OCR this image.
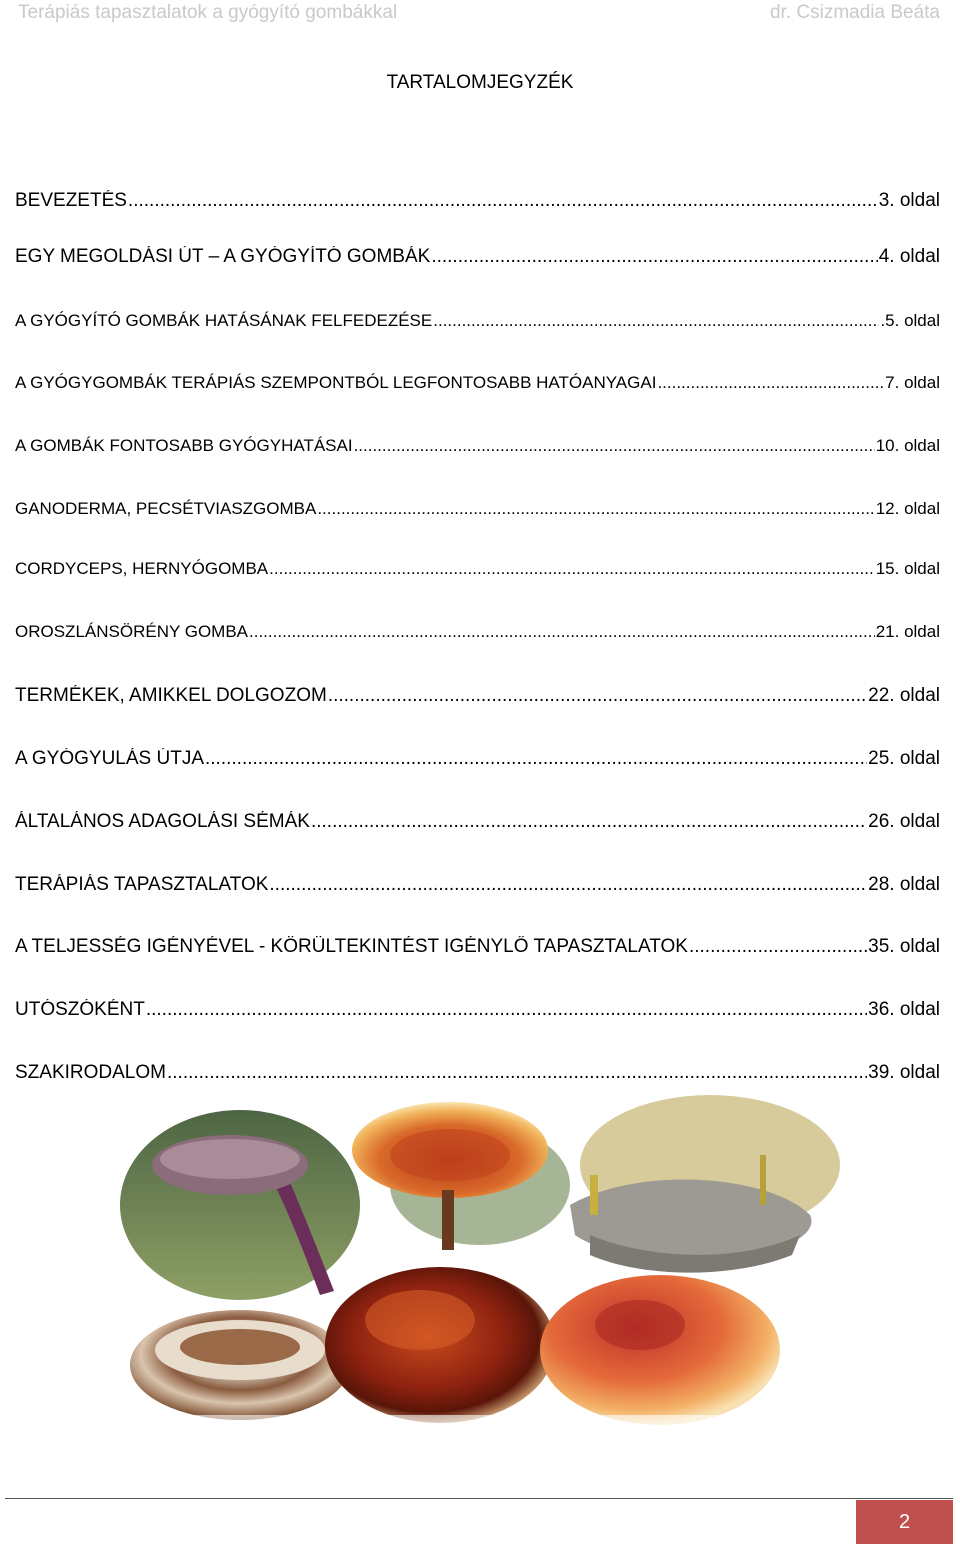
Terápiás tapasztalatok a gyógyító gombákkal	dr. Csizmadia Beáta
TARTALOMJEGYZÉK
BEVEZETÉS .....	3. oldal
EGY MEGOLDÁSI ÚT – A GYÓGYÍTÓ GOMBÁK .....	4. oldal
A GYÓGYÍTÓ GOMBÁK HATÁSÁNAK FELFEDEZÉSE .....	.5. oldal
A GYÓGYGOMBÁK TERÁPIÁS SZEMPONTBÓL LEGFONTOSABB HATÓANYAGAI .....	7. oldal
A GOMBÁK FONTOSABB GYÓGYHATÁSAI .....	10. oldal
GANODERMA, PECSÉTVIASZGOMBA .....	12. oldal
CORDYCEPS, HERNYÓGOMBA .....	15. oldal
OROSZLÁNSÖRÉNY GOMBA .....	21. oldal
TERMÉKEK, AMIKKEL DOLGOZOM .....	22. oldal
A GYÓGYULÁS ÚTJA .....	25. oldal
ÁLTALÁNOS ADAGOLÁSI SÉMÁK .....	26. oldal
TERÁPIÁS TAPASZTALATOK .....	28. oldal
A TELJESSÉG IGÉNYÉVEL - KÖRÜLTEKINTÉST IGÉNYLŐ TAPASZTALATOK .....	35. oldal
UTÓSZÓKÉNT .....	36. oldal
SZAKIRODALOM .....	39. oldal
2
